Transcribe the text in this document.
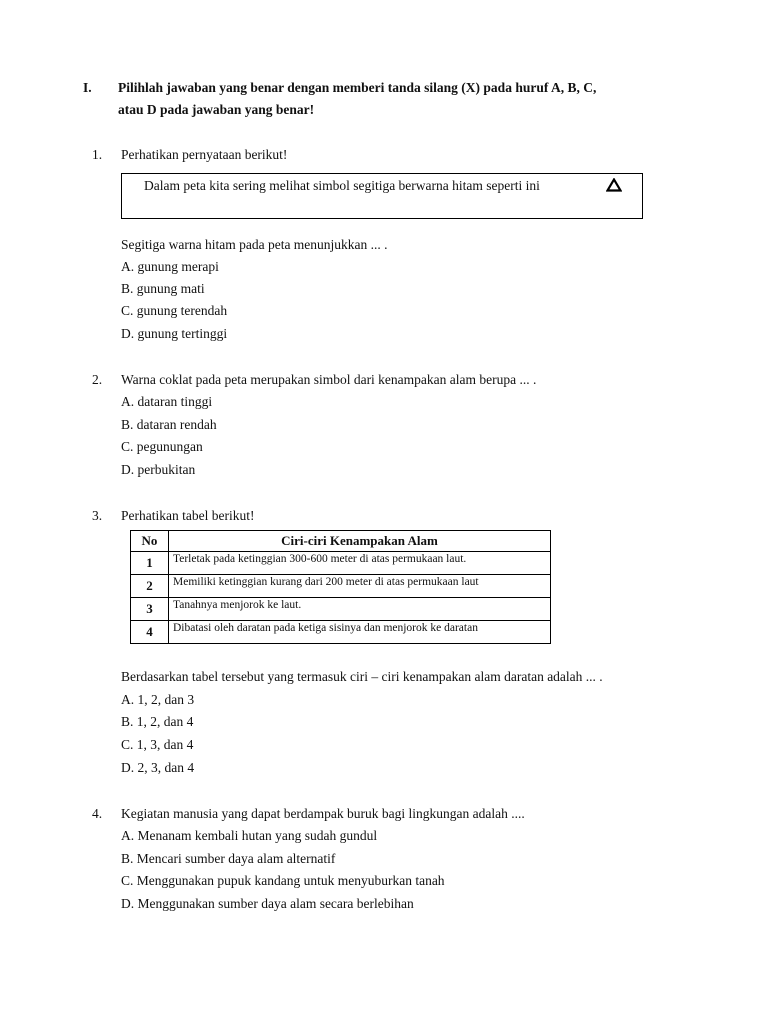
I. Pilihlah jawaban yang benar dengan memberi tanda silang (X) pada huruf A, B, C,
atau D pada jawaban yang benar!
1. Perhatikan pernyataan berikut!
Dalam peta kita sering melihat simbol segitiga berwarna hitam seperti ini
Segitiga warna hitam pada peta menunjukkan ... .
A. gunung merapi
B. gunung mati
C. gunung terendah
D. gunung tertinggi
2. Warna coklat pada peta merupakan simbol dari kenampakan alam berupa ... .
A. dataran tinggi
B. dataran rendah
C. pegunungan
D. perbukitan
3. Perhatikan tabel berikut!
No	Ciri-ciri Kenampakan Alam
1	Terletak pada ketinggian 300-600 meter di atas permukaan laut.
2	Memiliki ketinggian kurang dari 200 meter di atas permukaan laut
3	Tanahnya menjorok ke laut.
4	Dibatasi oleh daratan pada ketiga sisinya dan menjorok ke daratan
Berdasarkan tabel tersebut yang termasuk ciri – ciri kenampakan alam daratan adalah ... .
A. 1, 2, dan 3
B. 1, 2, dan 4
C. 1, 3, dan 4
D. 2, 3, dan 4
4. Kegiatan manusia yang dapat berdampak buruk bagi lingkungan adalah ....
A. Menanam kembali hutan yang sudah gundul
B. Mencari sumber daya alam alternatif
C. Menggunakan pupuk kandang untuk menyuburkan tanah
D. Menggunakan sumber daya alam secara berlebihan
